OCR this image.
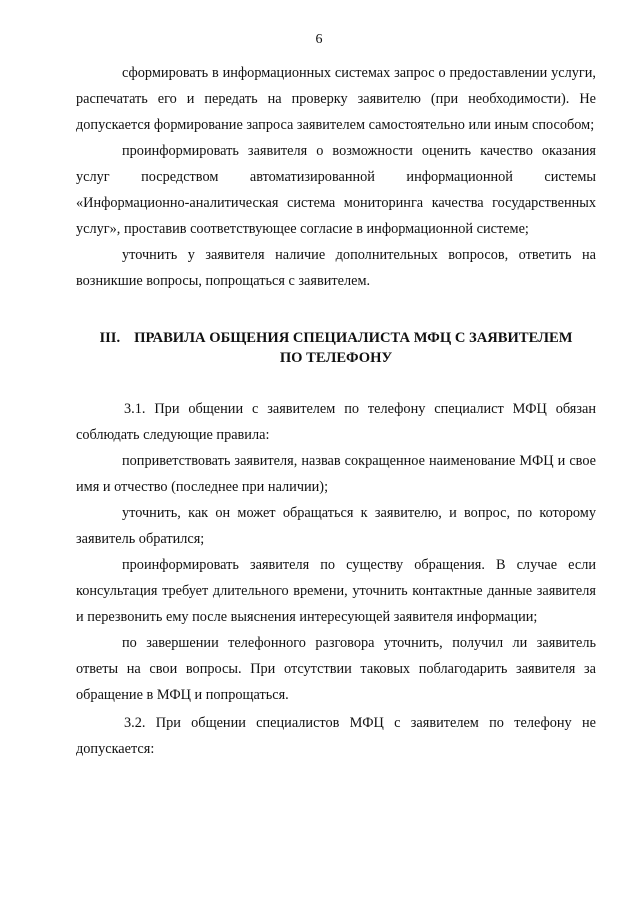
6

сформировать в информационных системах запрос о предоставлении услуги, распечатать его и передать на проверку заявителю (при необходимости). Не допускается формирование запроса заявителем самостоятельно или иным способом;

проинформировать заявителя о возможности оценить качество оказания услуг посредством автоматизированной информационной системы «Информационно-аналитическая система мониторинга качества государственных услуг», проставив соответствующее согласие в информационной системе;

уточнить у заявителя наличие дополнительных вопросов, ответить на возникшие вопросы, попрощаться с заявителем.

III. ПРАВИЛА ОБЩЕНИЯ СПЕЦИАЛИСТА МФЦ С ЗАЯВИТЕЛЕМ
ПО ТЕЛЕФОНУ

3.1. При общении с заявителем по телефону специалист МФЦ обязан соблюдать следующие правила:

поприветствовать заявителя, назвав сокращенное наименование МФЦ и свое имя и отчество (последнее при наличии);

уточнить, как он может обращаться к заявителю, и вопрос, по которому заявитель обратился;

проинформировать заявителя по существу обращения. В случае если консультация требует длительного времени, уточнить контактные данные заявителя и перезвонить ему после выяснения интересующей заявителя информации;

по завершении телефонного разговора уточнить, получил ли заявитель ответы на свои вопросы. При отсутствии таковых поблагодарить заявителя за обращение в МФЦ и попрощаться.

3.2. При общении специалистов МФЦ с заявителем по телефону не допускается:
